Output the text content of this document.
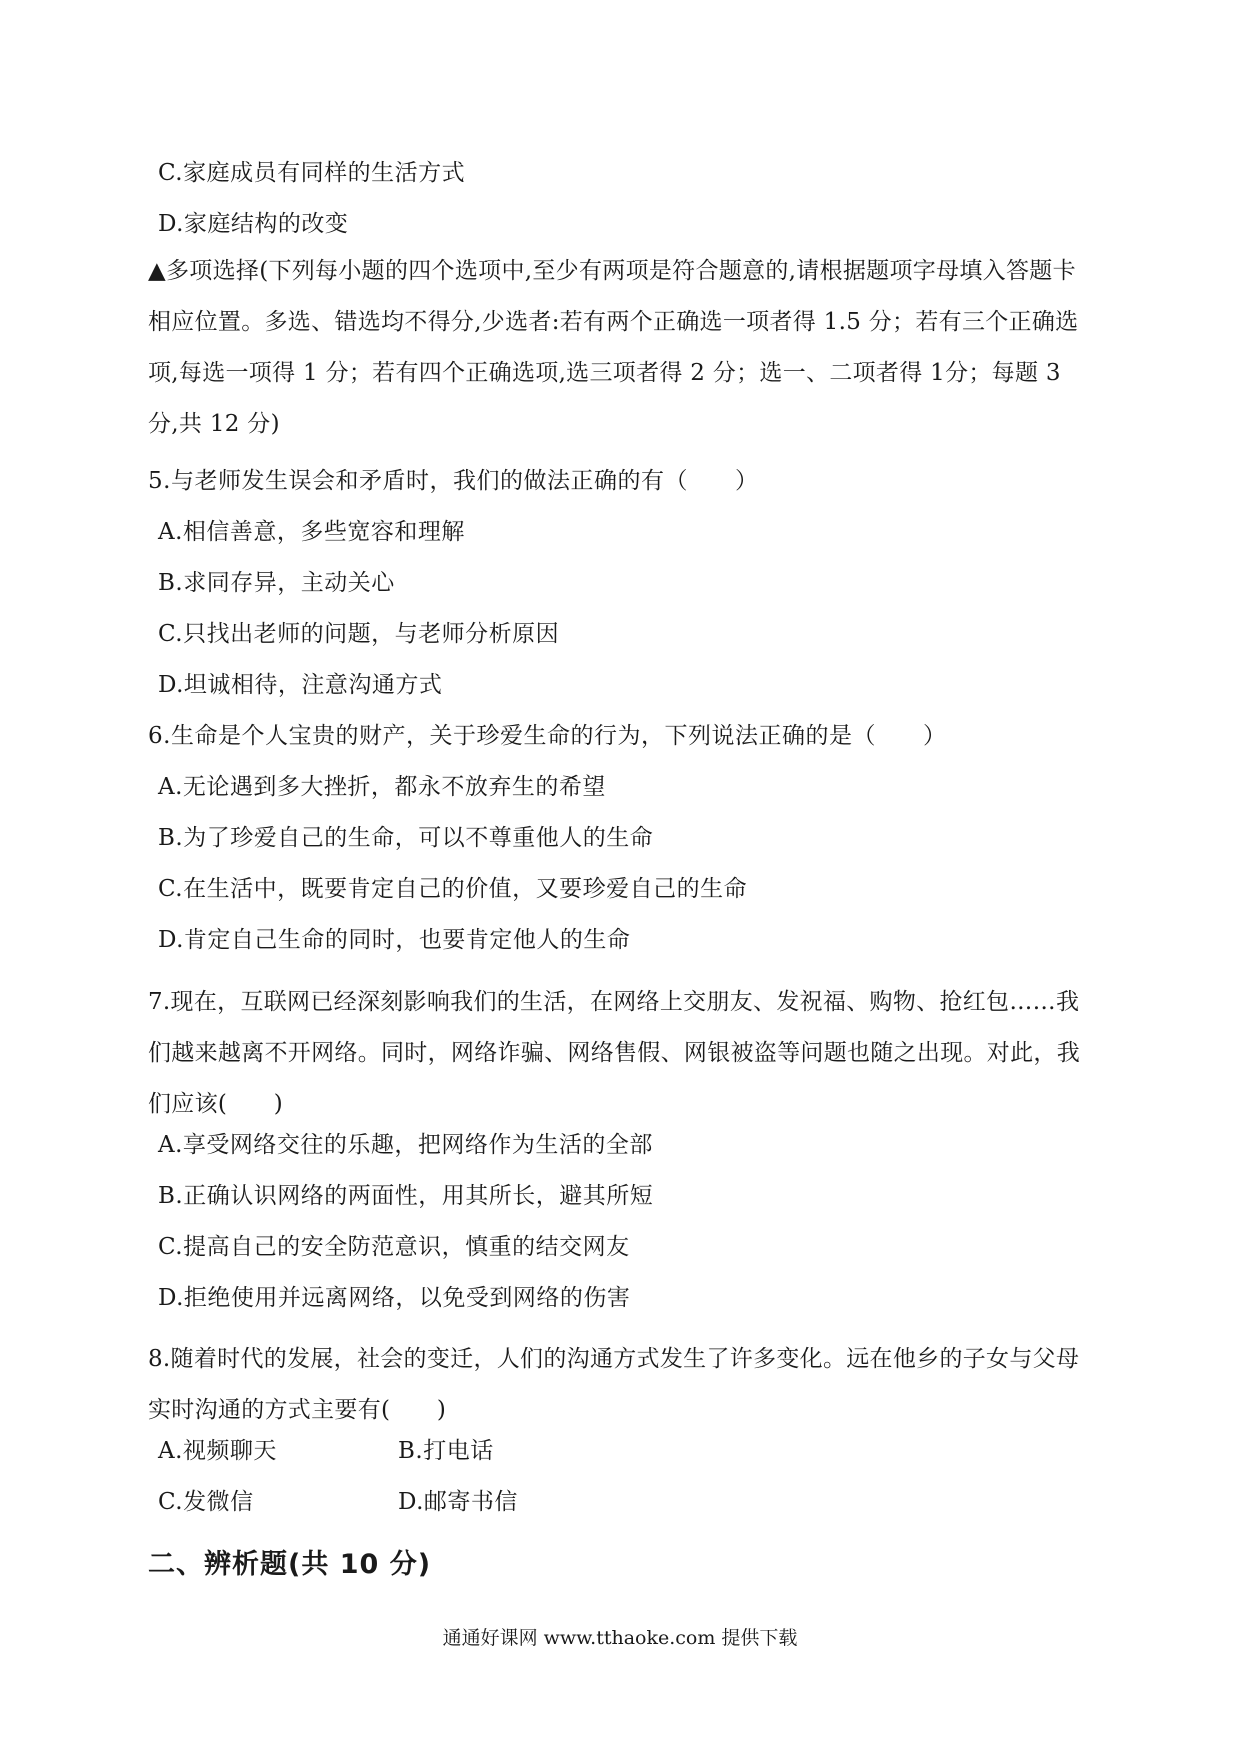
C.家庭成员有同样的生活方式
D.家庭结构的改变
▲多项选择(下列每小题的四个选项中,至少有两项是符合题意的,请根据题项字母填入答题卡相应位置。多选、错选均不得分,少选者:若有两个正确选一项者得 1.5 分；若有三个正确选项,每选一项得 1 分；若有四个正确选项,选三项者得 2 分；选一、二项者得 1分；每题 3 分,共 12 分)
5.与老师发生误会和矛盾时，我们的做法正确的有（　　）
A.相信善意，多些宽容和理解
B.求同存异，主动关心
C.只找出老师的问题，与老师分析原因
D.坦诚相待，注意沟通方式
6.生命是个人宝贵的财产，关于珍爱生命的行为，下列说法正确的是（　　）
A.无论遇到多大挫折，都永不放弃生的希望
B.为了珍爱自己的生命，可以不尊重他人的生命
C.在生活中，既要肯定自己的价值，又要珍爱自己的生命
D.肯定自己生命的同时，也要肯定他人的生命
7.现在，互联网已经深刻影响我们的生活，在网络上交朋友、发祝福、购物、抢红包……我们越来越离不开网络。同时，网络诈骗、网络售假、网银被盗等问题也随之出现。对此，我们应该(　　)
A.享受网络交往的乐趣，把网络作为生活的全部
B.正确认识网络的两面性，用其所长，避其所短
C.提高自己的安全防范意识，慎重的结交网友
D.拒绝使用并远离网络，以免受到网络的伤害
8.随着时代的发展，社会的变迁，人们的沟通方式发生了许多变化。远在他乡的子女与父母实时沟通的方式主要有(　　)
A.视频聊天	B.打电话
C.发微信	D.邮寄书信
二、辨析题(共 10 分)
通通好课网 www.tthaoke.com 提供下载
